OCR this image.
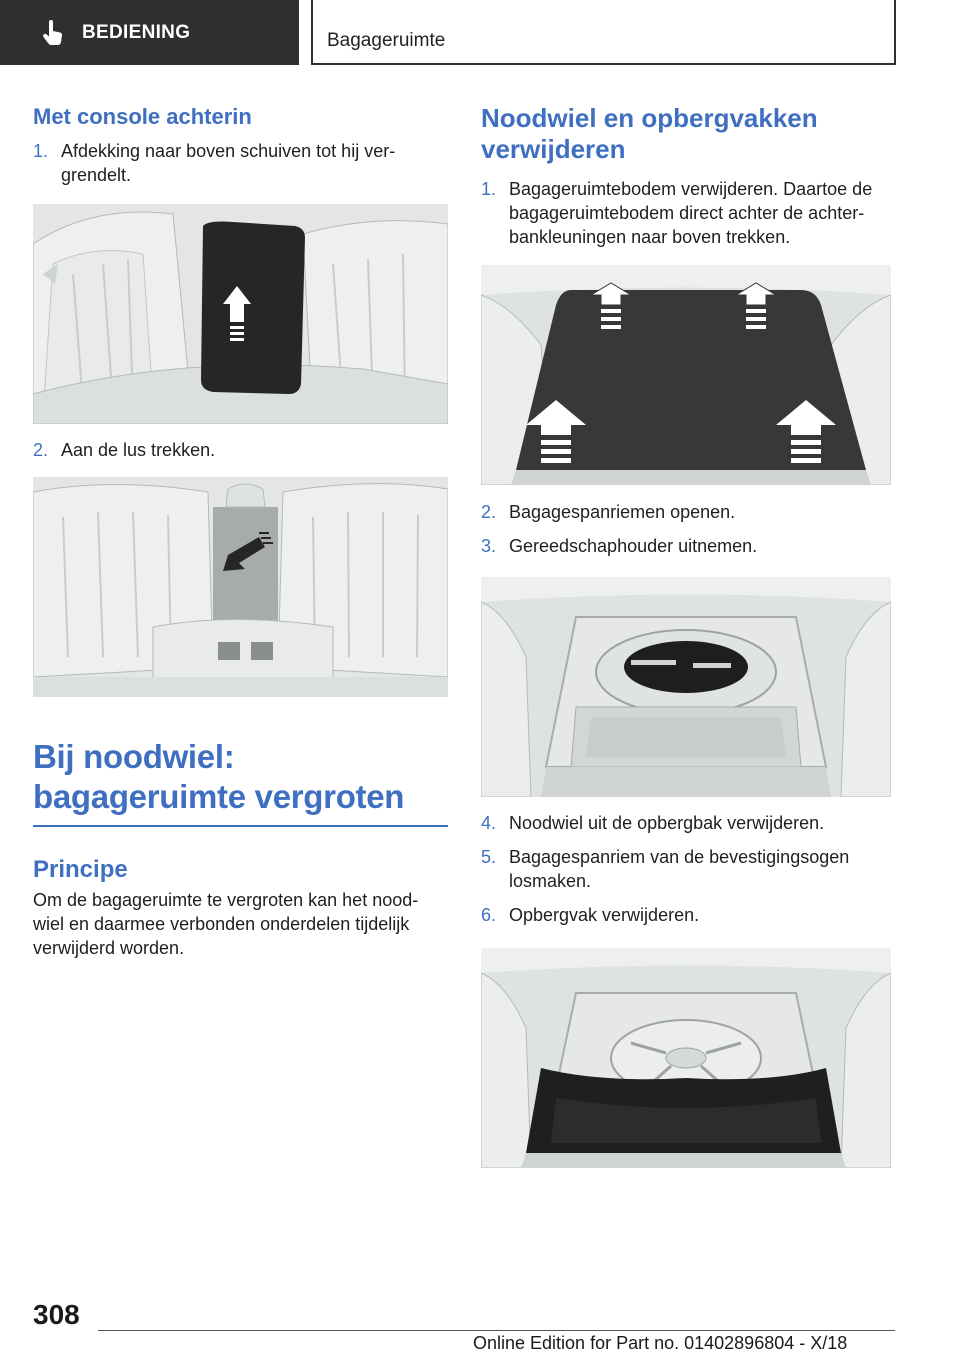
BEDIENING	Bagageruimte
Met console achterin
1. Afdekking naar boven schuiven tot hij ver‐grendelt.
2. Aan de lus trekken.
Bij noodwiel: bagageruimte vergroten
Principe
Om de bagageruimte te vergroten kan het nood‐wiel en daarmee verbonden onderdelen tijdelijk verwijderd worden.
Noodwiel en opbergvakken verwijderen
1. Bagageruimtebodem verwijderen. Daartoe de bagageruimtebodem direct achter de achter‐bankleuningen naar boven trekken.
2. Bagagespanriemen openen.
3. Gereedschaphouder uitnemen.
4. Noodwiel uit de opbergbak verwijderen.
5. Bagagespanriem van de bevestigingsogen losmaken.
6. Opbergvak verwijderen.
308
Online Edition for Part no. 01402896804 - X/18
